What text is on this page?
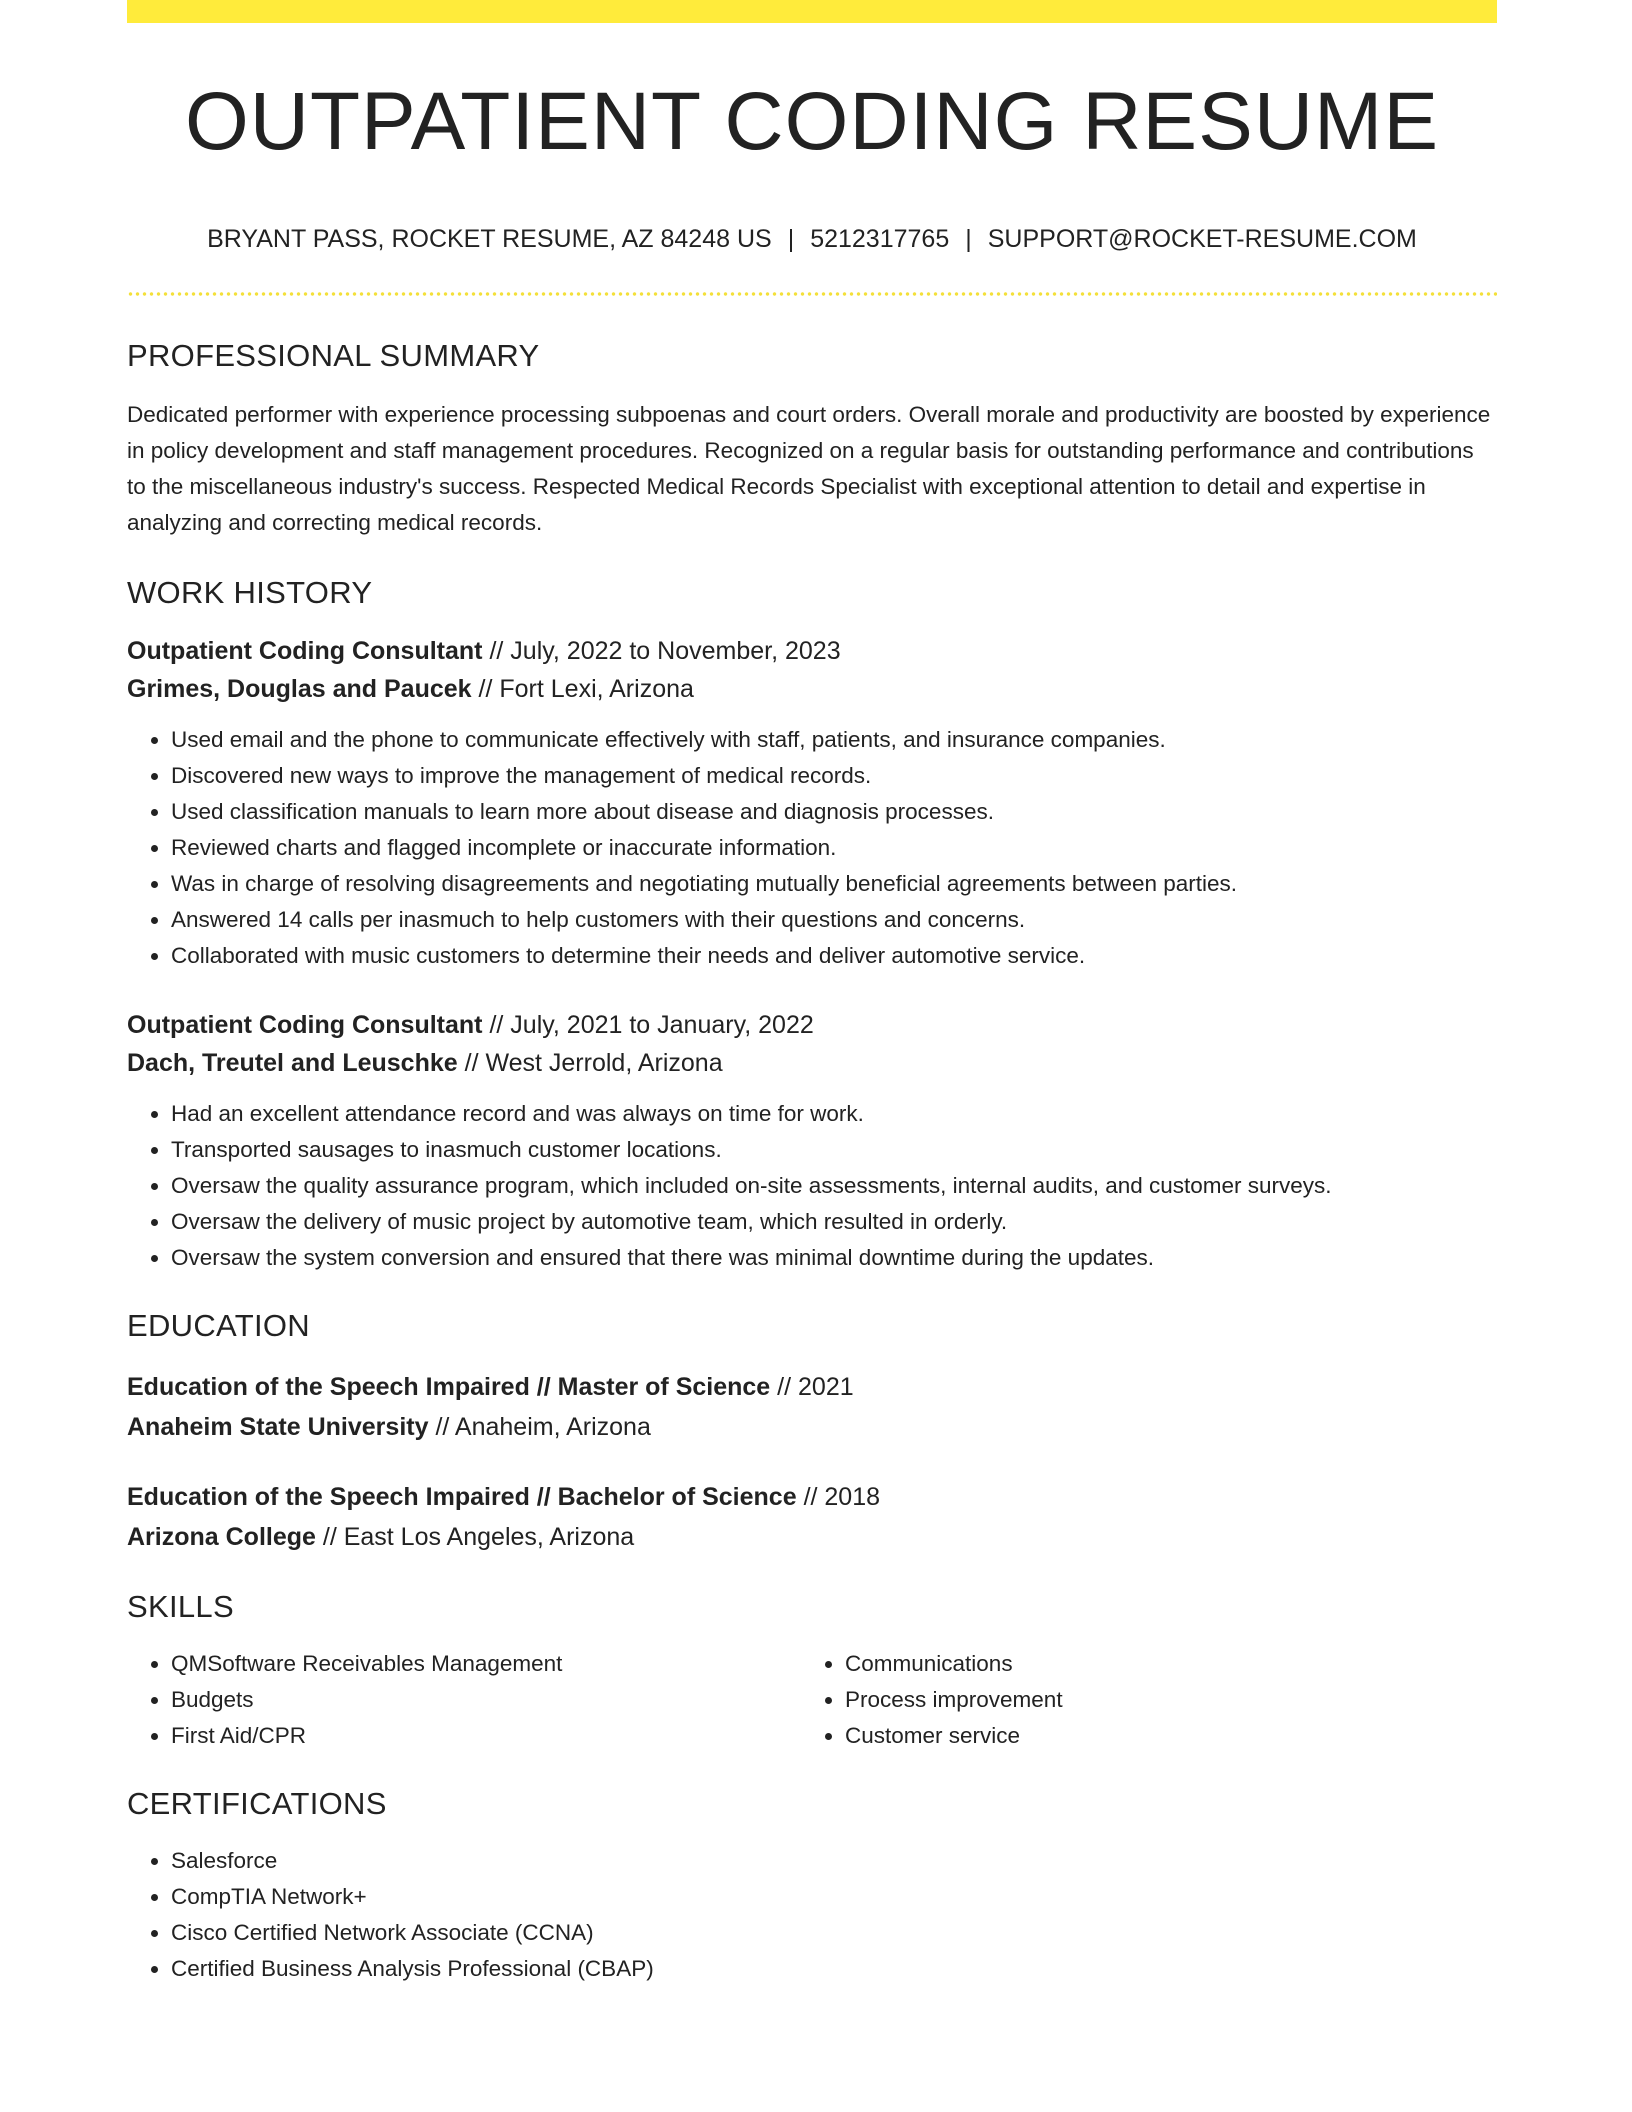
OUTPATIENT CODING RESUME
BRYANT PASS, ROCKET RESUME, AZ 84248 US | 5212317765 | SUPPORT@ROCKET-RESUME.COM
PROFESSIONAL SUMMARY

Dedicated performer with experience processing subpoenas and court orders. Overall morale and productivity are boosted by experience in policy development and staff management procedures. Recognized on a regular basis for outstanding performance and contributions to the miscellaneous industry's success. Respected Medical Records Specialist with exceptional attention to detail and expertise in analyzing and correcting medical records.

WORK HISTORY
Outpatient Coding Consultant // July, 2022 to November, 2023
Grimes, Douglas and Paucek // Fort Lexi, Arizona
• Used email and the phone to communicate effectively with staff, patients, and insurance companies.
• Discovered new ways to improve the management of medical records.
• Used classification manuals to learn more about disease and diagnosis processes.
• Reviewed charts and flagged incomplete or inaccurate information.
• Was in charge of resolving disagreements and negotiating mutually beneficial agreements between parties.
• Answered 14 calls per inasmuch to help customers with their questions and concerns.
• Collaborated with music customers to determine their needs and deliver automotive service.
Outpatient Coding Consultant // July, 2021 to January, 2022
Dach, Treutel and Leuschke // West Jerrold, Arizona
• Had an excellent attendance record and was always on time for work.
• Transported sausages to inasmuch customer locations.
• Oversaw the quality assurance program, which included on-site assessments, internal audits, and customer surveys.
• Oversaw the delivery of music project by automotive team, which resulted in orderly.
• Oversaw the system conversion and ensured that there was minimal downtime during the updates.
EDUCATION
Education of the Speech Impaired // Master of Science // 2021
Anaheim State University // Anaheim, Arizona
Education of the Speech Impaired // Bachelor of Science // 2018
Arizona College // East Los Angeles, Arizona
SKILLS
• QMSoftware Receivables Management
• Budgets
• First Aid/CPR
• Communications
• Process improvement
• Customer service
CERTIFICATIONS
• Salesforce
• CompTIA Network+
• Cisco Certified Network Associate (CCNA)
• Certified Business Analysis Professional (CBAP)
